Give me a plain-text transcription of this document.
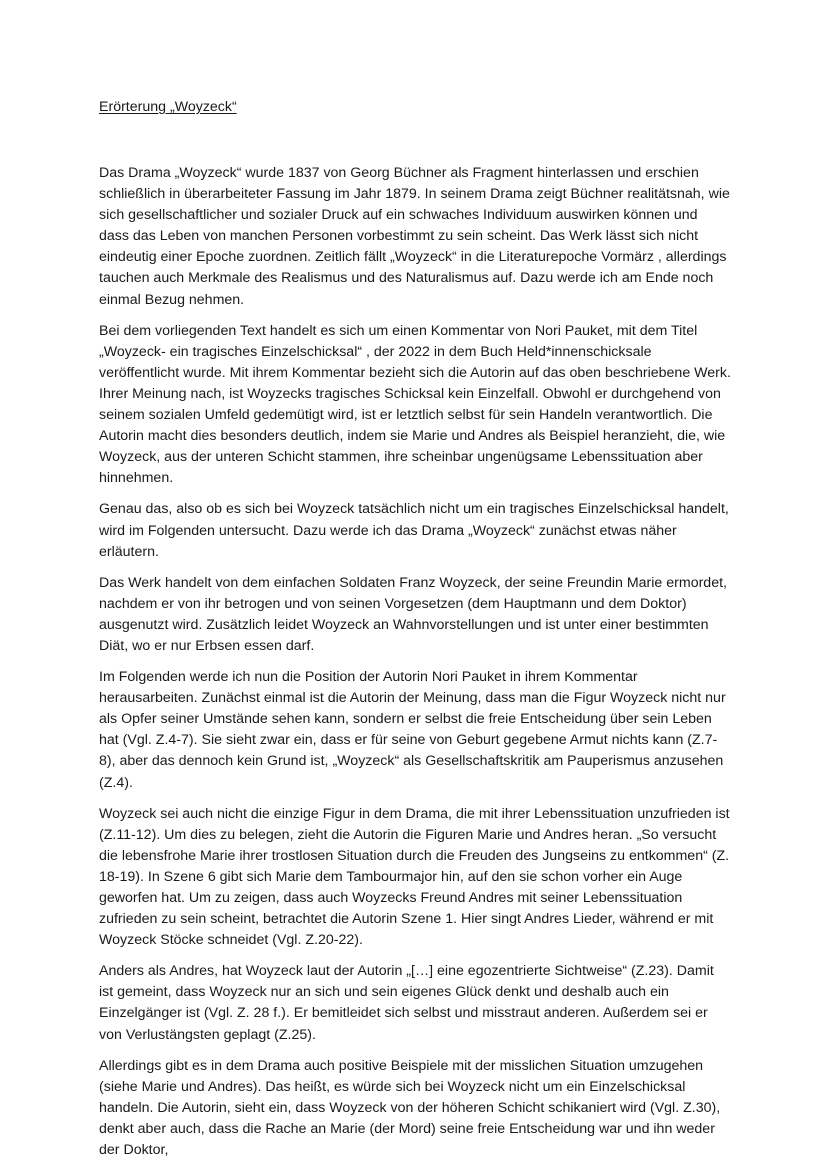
Erörterung „Woyzeck“

Das Drama „Woyzeck“ wurde 1837 von Georg Büchner als Fragment hinterlassen und erschien schließlich in überarbeiteter Fassung im Jahr 1879. In seinem Drama zeigt Büchner realitätsnah, wie sich gesellschaftlicher und sozialer Druck auf ein schwaches Individuum auswirken können und dass das Leben von manchen Personen vorbestimmt zu sein scheint. Das Werk lässt sich nicht eindeutig einer Epoche zuordnen. Zeitlich fällt „Woyzeck“ in die Literaturepoche Vormärz , allerdings tauchen auch Merkmale des Realismus und des Naturalismus auf. Dazu werde ich am Ende noch einmal Bezug nehmen.

Bei dem vorliegenden Text handelt es sich um einen Kommentar von Nori Pauket, mit dem Titel „Woyzeck- ein tragisches Einzelschicksal“ , der 2022 in dem Buch Held*innenschicksale veröffentlicht wurde. Mit ihrem Kommentar bezieht sich die Autorin auf das oben beschriebene Werk. Ihrer Meinung nach, ist Woyzecks tragisches Schicksal kein Einzelfall. Obwohl er durchgehend von seinem sozialen Umfeld gedemütigt wird, ist er letztlich selbst für sein Handeln verantwortlich. Die Autorin macht dies besonders deutlich, indem sie Marie und Andres als Beispiel heranzieht, die, wie Woyzeck, aus der unteren Schicht stammen, ihre scheinbar ungenügsame Lebenssituation aber hinnehmen.

Genau das, also ob es sich bei Woyzeck tatsächlich nicht um ein tragisches Einzelschicksal handelt, wird im Folgenden untersucht. Dazu werde ich das Drama „Woyzeck“ zunächst etwas näher erläutern.

Das Werk handelt von dem einfachen Soldaten Franz Woyzeck, der seine Freundin Marie ermordet, nachdem er von ihr betrogen und von seinen Vorgesetzen (dem Hauptmann und dem Doktor) ausgenutzt wird. Zusätzlich leidet Woyzeck an Wahnvorstellungen und ist unter einer bestimmten Diät, wo er nur Erbsen essen darf.

Im Folgenden werde ich nun die Position der Autorin Nori Pauket in ihrem Kommentar herausarbeiten. Zunächst einmal ist die Autorin der Meinung, dass man die Figur Woyzeck nicht nur als Opfer seiner Umstände sehen kann, sondern er selbst die freie Entscheidung über sein Leben hat (Vgl. Z.4-7). Sie sieht zwar ein, dass er für seine von Geburt gegebene Armut nichts kann (Z.7-8), aber das dennoch kein Grund ist, „Woyzeck“ als Gesellschaftskritik am Pauperismus anzusehen (Z.4).

Woyzeck sei auch nicht die einzige Figur in dem Drama, die mit ihrer Lebenssituation unzufrieden ist (Z.11-12). Um dies zu belegen, zieht die Autorin die Figuren Marie und Andres heran. „So versucht die lebensfrohe Marie ihrer trostlosen Situation durch die Freuden des Jungseins zu entkommen“ (Z. 18-19). In Szene 6 gibt sich Marie dem Tambourmajor hin, auf den sie schon vorher ein Auge geworfen hat. Um zu zeigen, dass auch Woyzecks Freund Andres mit seiner Lebenssituation zufrieden zu sein scheint, betrachtet die Autorin Szene 1. Hier singt Andres Lieder, während er mit Woyzeck Stöcke schneidet (Vgl. Z.20-22).

Anders als Andres, hat Woyzeck laut der Autorin „[…] eine egozentrierte Sichtweise“ (Z.23). Damit ist gemeint, dass Woyzeck nur an sich und sein eigenes Glück denkt und deshalb auch ein Einzelgänger ist (Vgl. Z. 28 f.). Er bemitleidet sich selbst und misstraut anderen. Außerdem sei er von Verlustängsten geplagt (Z.25).

Allerdings gibt es in dem Drama auch positive Beispiele mit der misslichen Situation umzugehen (siehe Marie und Andres). Das heißt, es würde sich bei Woyzeck nicht um ein Einzelschicksal handeln. Die Autorin, sieht ein, dass Woyzeck von der höheren Schicht schikaniert wird (Vgl. Z.30), denkt aber auch, dass die Rache an Marie (der Mord) seine freie Entscheidung war und ihn weder der Doktor,
